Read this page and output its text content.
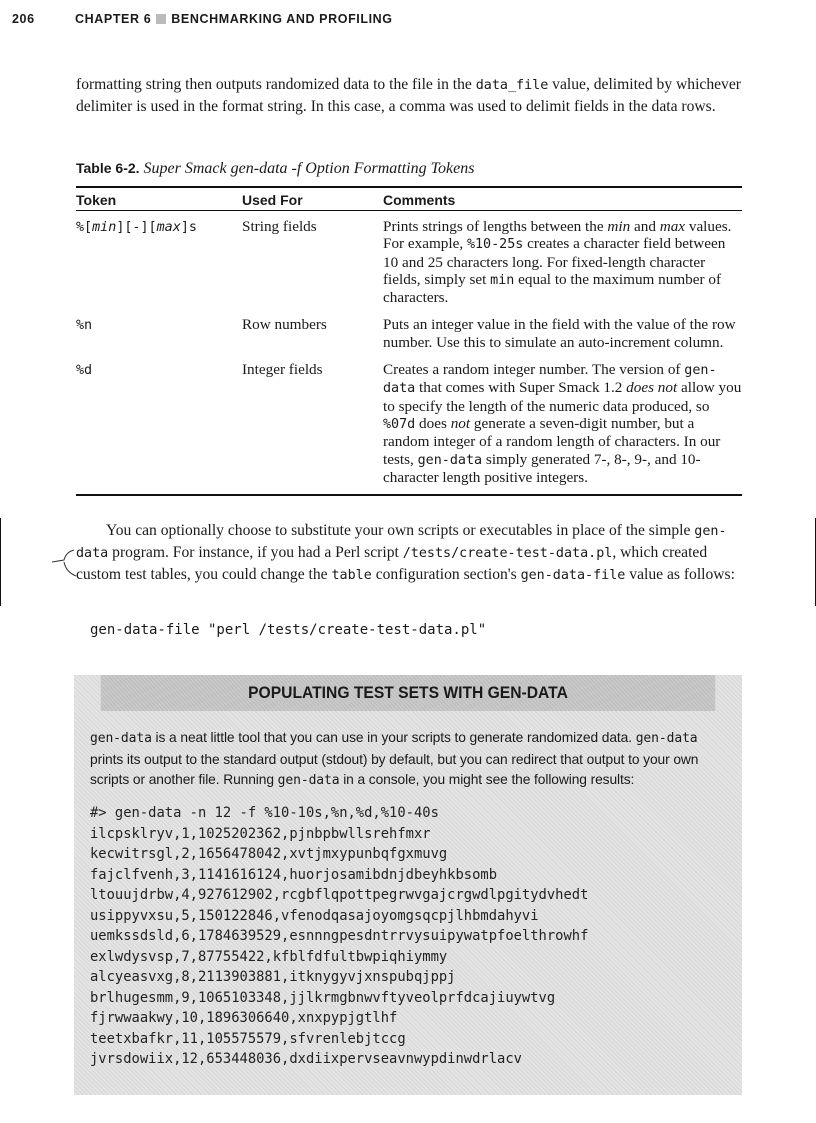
206	CHAPTER 6 BENCHMARKING AND PROFILING

formatting string then outputs randomized data to the file in the data_file value, delimited by whichever delimiter is used in the format string. In this case, a comma was used to delimit fields in the data rows.

Table 6-2. Super Smack gen-data -f Option Formatting Tokens
Token	Used For	Comments
%[min][-][max]s	String fields	Prints strings of lengths between the min and max values. For example, %10-25s creates a character field between 10 and 25 characters long. For fixed-length character fields, simply set min equal to the maximum number of characters.
%n	Row numbers	Puts an integer value in the field with the value of the row number. Use this to simulate an auto-increment column.
%d	Integer fields	Creates a random integer number. The version of gen-data that comes with Super Smack 1.2 does not allow you to specify the length of the numeric data produced, so %07d does not generate a seven-digit number, but a random integer of a random length of characters. In our tests, gen-data simply generated 7-, 8-, 9-, and 10-character length positive integers.

You can optionally choose to substitute your own scripts or executables in place of the simple gen-data program. For instance, if you had a Perl script /tests/create-test-data.pl, which created custom test tables, you could change the table configuration section's gen-data-file value as follows:

gen-data-file "perl /tests/create-test-data.pl"
POPULATING TEST SETS WITH GEN-DATA

gen-data is a neat little tool that you can use in your scripts to generate randomized data. gen-data prints its output to the standard output (stdout) by default, but you can redirect that output to your own scripts or another file. Running gen-data in a console, you might see the following results:

#> gen-data -n 12 -f %10-10s,%n,%d,%10-40s
ilcpsklryv,1,1025202362,pjnbpbwllsrehfmxr
kecwitrsgl,2,1656478042,xvtjmxypunbqfgxmuvg
fajclfvenh,3,1141616124,huorjosamibdnjdbeyhkbsomb
ltouujdrbw,4,927612902,rcgbflqpottpegrwvgajcrgwdlpgitydvhedt
usippyvxsu,5,150122846,vfenodqasajoyomgsqcpjlhbmdahyvi
uemkssdsld,6,1784639529,esnnngpesdntrrvysuipywatpfoelthrowhf
exlwdysvsp,7,87755422,kfblfdfultbwpiqhiymmy
alcyeasvxg,8,2113903881,itknygyvjxnspubqjppj
brlhugesmm,9,1065103348,jjlkrmgbnwvftyveolprfdcajiuywtvg
fjrwwaakwy,10,1896306640,xnxpypjgtlhf
teetxbafkr,11,105575579,sfvrenlebjtccg
jvrsdowiix,12,653448036,dxdiixpervseavnwypdinwdrlacv
